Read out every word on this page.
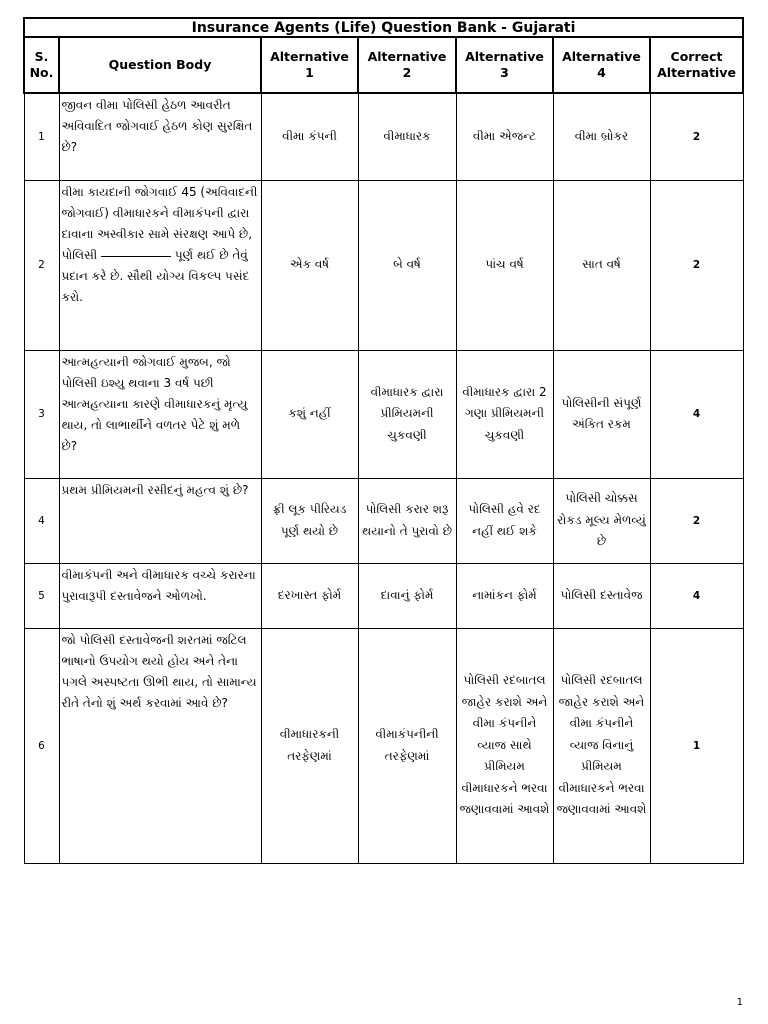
Insurance Agents (Life) Question Bank - Gujarati						
S. No.	Question Body	Alternative 1	Alternative 2	Alternative 3	Alternative 4	Correct Alternative
1	જીવન વીમા પોલિસી હેઠળ આવરીત અવિવાદિત જોગવાઈ હેઠળ કોણ સુરક્ષિત છે?	વીમા કંપની	વીમાધારક	વીમા એજન્ટ	વીમા બ્રોકર	2
2	વીમા કાયદાની જોગવાઈ 45 (અવિવાદની જોગવાઈ) વીમાધારકને વીમાકંપની દ્વારા દાવાના અસ્વીકાર સામે સંરક્ષણ આપે છે, પોલિસી પૂર્ણ થઈ છે તેવું પ્રદાન કરે છે. સૌથી યોગ્ય વિકલ્પ પસંદ કરો.	એક વર્ષ	બે વર્ષ	પાંચ વર્ષ	સાત વર્ષ	2
3	આત્મહત્યાની જોગવાઈ મુજબ, જો પોલિસી ઇશ્યુ થવાના 3 વર્ષ પછી આત્મહત્યાના કારણે વીમાધારકનું મૃત્યુ થાય, તો લાભાર્થીને વળતર પેટે શું મળે છે?	કશું નહીં	વીમાધારક દ્વારા પ્રીમિયમની ચુકવણી	વીમાધારક દ્વારા 2 ગણા પ્રીમિયમની ચુકવણી	પોલિસીની સંપૂર્ણ અંકિત રકમ	4
4	પ્રથમ પ્રીમિયમની રસીદનું મહત્વ શું છે?	ફ્રી લૂક પીરિયડ પૂર્ણ થયો છે	પોલિસી કરાર શરૂ થયાનો તે પુરાવો છે	પોલિસી હવે રદ નહીં થઈ શકે	પોલિસી ચોક્કસ રોકડ મૂલ્ય મેળવ્યું છે	2
5	વીમાકંપની અને વીમાધારક વચ્ચે કરારના પુરાવારૂપી દસ્તાવેજને ઓળખો.	દરખાસ્ત ફોર્મ	દાવાનું ફોર્મ	નામાંકન ફોર્મ	પોલિસી દસ્તાવેજ	4
6	જો પોલિસી દસ્તાવેજની શરતમાં જટિલ ભાષાનો ઉપયોગ થયો હોય અને તેના પગલે અસ્પષ્ટતા ઊભી થાય, તો સામાન્ય રીતે તેનો શું અર્થ કરવામાં આવે છે?	વીમાધારકની તરફેણમાં	વીમાકંપનીની તરફેણમાં	પોલિસી રદબાતલ જાહેર કરાશે અને વીમા કંપનીને વ્યાજ સાથે પ્રીમિયમ વીમાધારકને ભરવા જણાવવામાં આવશે	પોલિસી રદબાતલ જાહેર કરાશે અને વીમા કંપનીને વ્યાજ વિનાનું પ્રીમિયમ વીમાધારકને ભરવા જણાવવામાં આવશે	1
1
